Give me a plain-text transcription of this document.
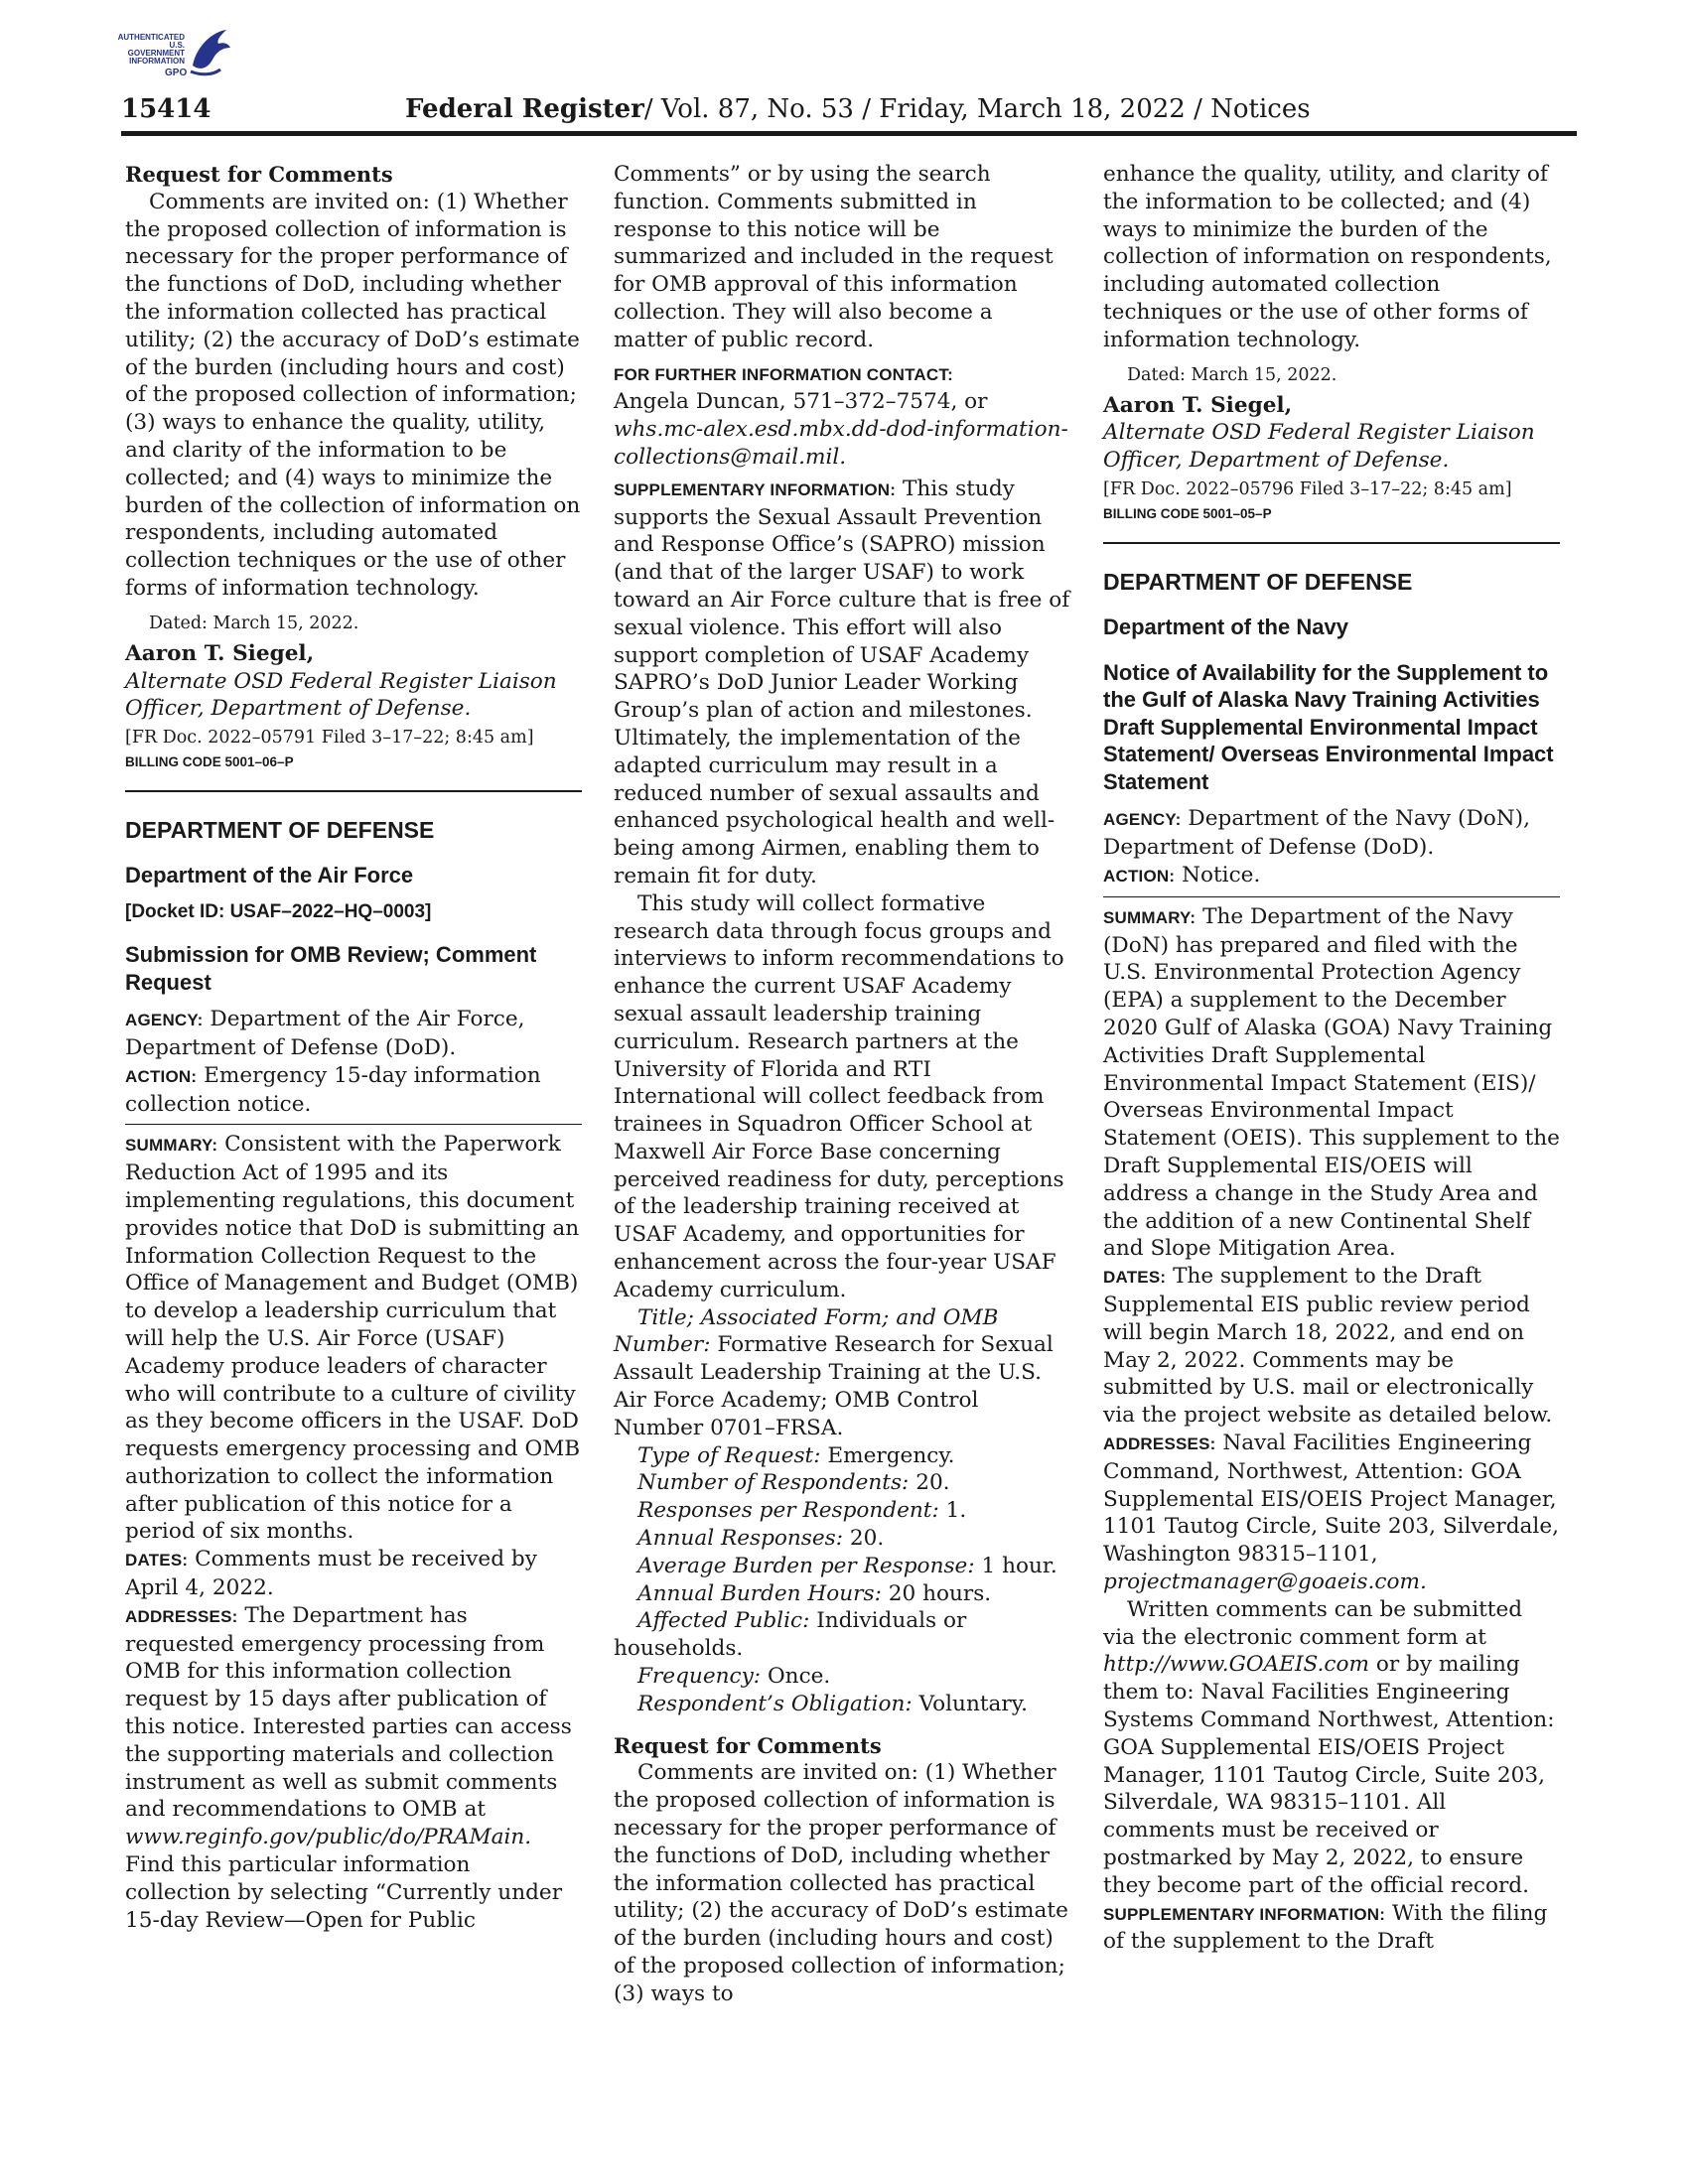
AUTHENTICATED
U.S. GOVERNMENT
INFORMATION
GPO
15414	Federal Register/ Vol. 87, No. 53 / Friday, March 18, 2022 / Notices

Request for Comments

Comments are invited on: (1) Whether the proposed collection of information is necessary for the proper performance of the functions of DoD, including whether the information collected has practical utility; (2) the accuracy of DoD’s estimate of the burden (including hours and cost) of the proposed collection of information; (3) ways to enhance the quality, utility, and clarity of the information to be collected; and (4) ways to minimize the burden of the collection of information on respondents, including automated collection techniques or the use of other forms of information technology.

Dated: March 15, 2022.

Aaron T. Siegel,

Alternate OSD Federal Register Liaison Officer, Department of Defense.

[FR Doc. 2022–05791 Filed 3–17–22; 8:45 am]

BILLING CODE 5001–06–P

DEPARTMENT OF DEFENSE

Department of the Air Force

[Docket ID: USAF–2022–HQ–0003]

Submission for OMB Review; Comment Request

AGENCY: Department of the Air Force, Department of Defense (DoD).

ACTION: Emergency 15-day information collection notice.

SUMMARY: Consistent with the Paperwork Reduction Act of 1995 and its implementing regulations, this document provides notice that DoD is submitting an Information Collection Request to the Office of Management and Budget (OMB) to develop a leadership curriculum that will help the U.S. Air Force (USAF) Academy produce leaders of character who will contribute to a culture of civility as they become officers in the USAF. DoD requests emergency processing and OMB authorization to collect the information after publication of this notice for a period of six months.

DATES: Comments must be received by April 4, 2022.

ADDRESSES: The Department has requested emergency processing from OMB for this information collection request by 15 days after publication of this notice. Interested parties can access the supporting materials and collection instrument as well as submit comments and recommendations to OMB at www.reginfo.gov/public/do/PRAMain. Find this particular information collection by selecting “Currently under 15-day Review—Open for Public

Comments” or by using the search function. Comments submitted in response to this notice will be summarized and included in the request for OMB approval of this information collection. They will also become a matter of public record.

FOR FURTHER INFORMATION CONTACT:
Angela Duncan, 571–372–7574, or whs.mc-alex.esd.mbx.dd-dod-information-collections@mail.mil.

SUPPLEMENTARY INFORMATION: This study supports the Sexual Assault Prevention and Response Office’s (SAPRO) mission (and that of the larger USAF) to work toward an Air Force culture that is free of sexual violence. This effort will also support completion of USAF Academy SAPRO’s DoD Junior Leader Working Group’s plan of action and milestones. Ultimately, the implementation of the adapted curriculum may result in a reduced number of sexual assaults and enhanced psychological health and well-being among Airmen, enabling them to remain fit for duty.

This study will collect formative research data through focus groups and interviews to inform recommendations to enhance the current USAF Academy sexual assault leadership training curriculum. Research partners at the University of Florida and RTI International will collect feedback from trainees in Squadron Officer School at Maxwell Air Force Base concerning perceived readiness for duty, perceptions of the leadership training received at USAF Academy, and opportunities for enhancement across the four-year USAF Academy curriculum.

Title; Associated Form; and OMB Number: Formative Research for Sexual Assault Leadership Training at the U.S. Air Force Academy; OMB Control Number 0701–FRSA.

Type of Request: Emergency.

Number of Respondents: 20.

Responses per Respondent: 1.

Annual Responses: 20.

Average Burden per Response: 1 hour.

Annual Burden Hours: 20 hours.

Affected Public: Individuals or households.

Frequency: Once.

Respondent’s Obligation: Voluntary.

Request for Comments

Comments are invited on: (1) Whether the proposed collection of information is necessary for the proper performance of the functions of DoD, including whether the information collected has practical utility; (2) the accuracy of DoD’s estimate of the burden (including hours and cost) of the proposed collection of information; (3) ways to

enhance the quality, utility, and clarity of the information to be collected; and (4) ways to minimize the burden of the collection of information on respondents, including automated collection techniques or the use of other forms of information technology.

Dated: March 15, 2022.

Aaron T. Siegel,

Alternate OSD Federal Register Liaison Officer, Department of Defense.

[FR Doc. 2022–05796 Filed 3–17–22; 8:45 am]

BILLING CODE 5001–05–P

DEPARTMENT OF DEFENSE

Department of the Navy

Notice of Availability for the Supplement to the Gulf of Alaska Navy Training Activities Draft Supplemental Environmental Impact Statement/ Overseas Environmental Impact Statement

AGENCY: Department of the Navy (DoN), Department of Defense (DoD).

ACTION: Notice.

SUMMARY: The Department of the Navy (DoN) has prepared and filed with the U.S. Environmental Protection Agency (EPA) a supplement to the December 2020 Gulf of Alaska (GOA) Navy Training Activities Draft Supplemental Environmental Impact Statement (EIS)/ Overseas Environmental Impact Statement (OEIS). This supplement to the Draft Supplemental EIS/OEIS will address a change in the Study Area and the addition of a new Continental Shelf and Slope Mitigation Area.

DATES: The supplement to the Draft Supplemental EIS public review period will begin March 18, 2022, and end on May 2, 2022. Comments may be submitted by U.S. mail or electronically via the project website as detailed below.

ADDRESSES: Naval Facilities Engineering Command, Northwest, Attention: GOA Supplemental EIS/OEIS Project Manager, 1101 Tautog Circle, Suite 203, Silverdale, Washington 98315–1101, projectmanager@goaeis.com.

Written comments can be submitted via the electronic comment form at http://www.GOAEIS.com or by mailing them to: Naval Facilities Engineering Systems Command Northwest, Attention: GOA Supplemental EIS/OEIS Project Manager, 1101 Tautog Circle, Suite 203, Silverdale, WA 98315–1101. All comments must be received or postmarked by May 2, 2022, to ensure they become part of the official record.

SUPPLEMENTARY INFORMATION: With the filing of the supplement to the Draft
